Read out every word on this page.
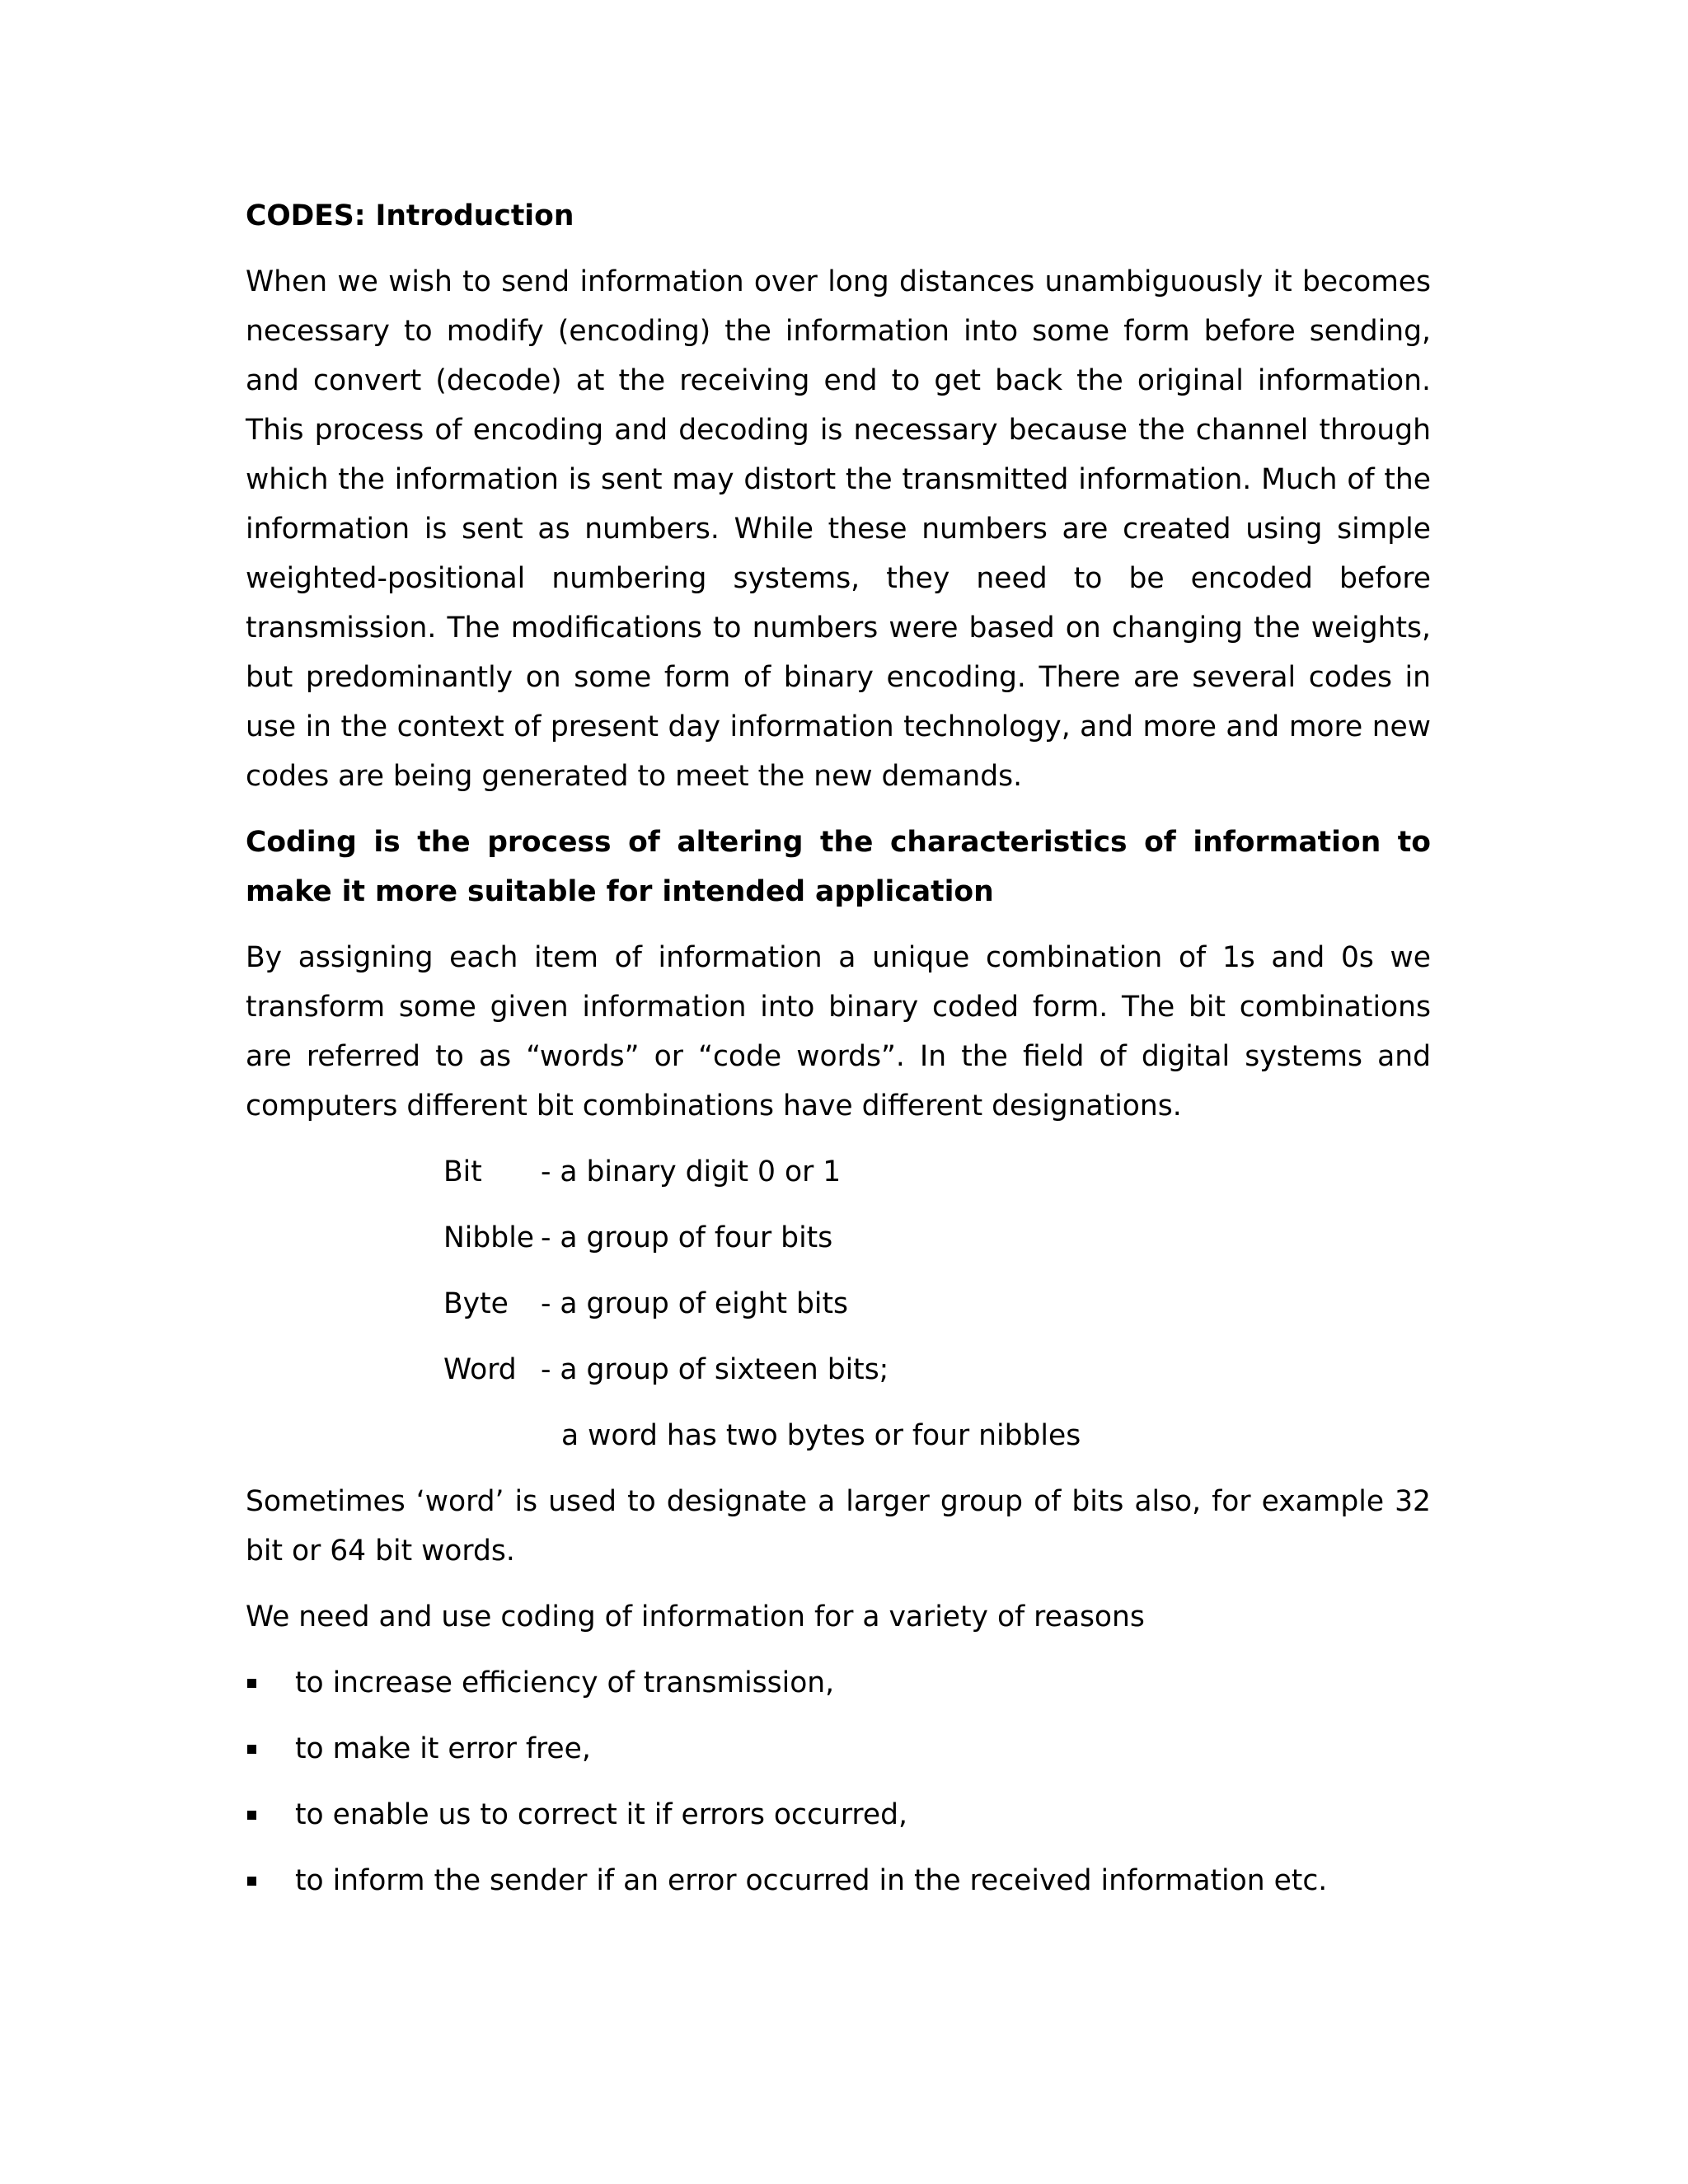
CODES: Introduction

When we wish to send information over long distances unambiguously it becomes necessary to modify (encoding) the information into some form before sending, and convert (decode) at the receiving end to get back the original information. This process of encoding and decoding is necessary because the channel through which the information is sent may distort the transmitted information. Much of the information is sent as numbers. While these numbers are created using simple weighted-positional numbering systems, they need to be encoded before transmission. The modifications to numbers were based on changing the weights, but predominantly on some form of binary encoding. There are several codes in use in the context of present day information technology, and more and more new codes are being generated to meet the new demands.

Coding is the process of altering the characteristics of information to make it more suitable for intended application

By assigning each item of information a unique combination of 1s and 0s we transform some given information into binary coded form. The bit combinations are referred to as “words” or “code words”. In the field of digital systems and computers different bit combinations have different designations.

Bit	- a binary digit 0 or 1
Nibble - a group of four bits
Byte	- a group of eight bits
Word - a group of sixteen bits;
a word has two bytes or four nibbles

Sometimes ‘word’ is used to designate a larger group of bits also, for example 32 bit or 64 bit words.

We need and use coding of information for a variety of reasons

to increase efficiency of transmission,
to make it error free,
to enable us to correct it if errors occurred,
to inform the sender if an error occurred in the received information etc.
